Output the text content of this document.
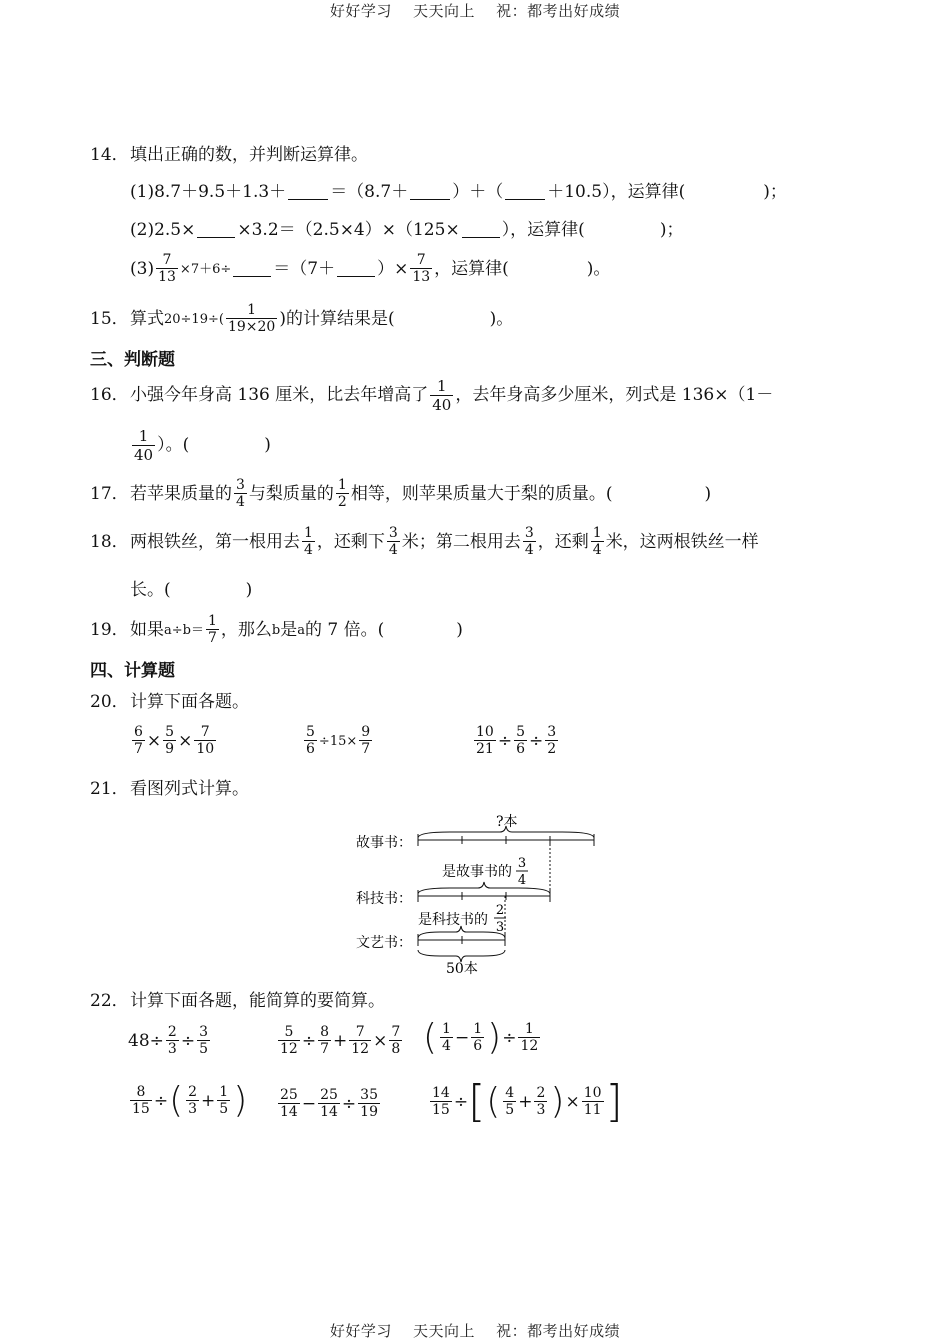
好好学习    天天向上    祝：都考出好成绩
14． 填出正确的数，并判断运算律。
(1)8.7＋9.5＋1.3＋	＝（8.7＋	）＋（	＋10.5），运算律(	)；
(2)2.5× ×3.2＝（2.5×4）×（125× ），运算律(	)；
$(3) \frac{7}{13} \times 7+6\div =(7+$ ）× $\frac{7}{13}$ ，运算律(	)。
15． 算式 $20\div 19\div( \frac{1}{19\times 20}$ )的计算结果是(	)。
三、判断题
16． 小强今年身高 136 厘米，比去年增高了 $\frac{1}{40}$ ，去年身高多少厘米，列式是 136×（1－
$\frac{1}{40}$ ）。(	)
17． 若苹果质量的 $\frac{3}{4}$ 与梨质量的 $\frac{1}{2}$ 相等，则苹果质量大于梨的质量。(	)
18． 两根铁丝，第一根用去 $\frac{1}{4}$ ，还剩下 $\frac{3}{4}$ 米；第二根用去 $\frac{3}{4}$ ，还剩 $\frac{1}{4}$ 米，这两根铁丝一样
长。(	)
19． 如果 $a\div b= \frac{1}{7}$ ，那么 b 是 a 的 7 倍。(	)
四、计算题
20． 计算下面各题。
$\frac{6}{7} \times \frac{5}{9} \times \frac{7}{10}$	$\frac{5}{6} \div 15\times \frac{9}{7}$	$\frac{10}{21} \div \frac{5}{6} \div \frac{3}{2}$
21． 看图列式计算。
故事书：
科技书：
文艺书：
?本
是故事书的
3
4
是科技书的
2
3
50本
22． 计算下面各题，能简算的要简算。
$48\div \frac{2}{3} \div \frac{3}{5}$	$\frac{5}{12} \div \frac{8}{7} + \frac{7}{12} \times \frac{7}{8}$ ( $\frac{1}{4} - \frac{1}{6}$ ) ÷ $\frac{1}{12}$
$\frac{8}{15}$ ÷ ( $\frac{2}{3} + \frac{1}{5}$ ) $\frac{25}{14} - \frac{25}{14} \div \frac{35}{19}$	$\frac{14}{15}$ ÷ [ ( $\frac{4}{5} + \frac{2}{3}$ ) × $\frac{10}{11}$ ]
好好学习    天天向上    祝：都考出好成绩
